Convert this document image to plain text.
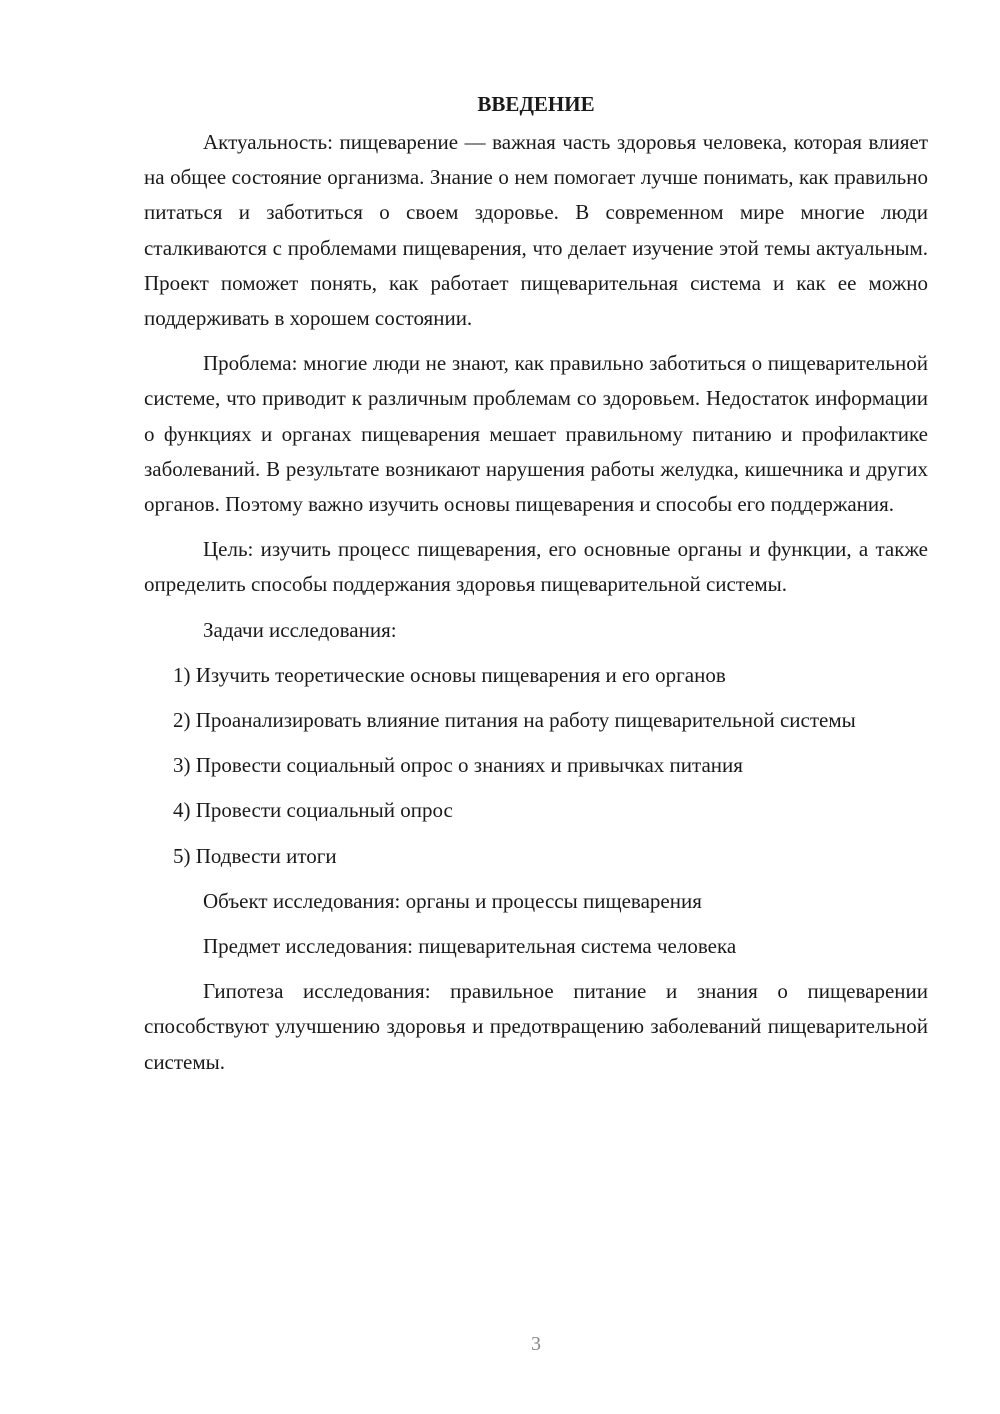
ВВЕДЕНИЕ

Актуальность: пищеварение — важная часть здоровья человека, которая влияет на общее состояние организма. Знание о нем помогает лучше понимать, как правильно питаться и заботиться о своем здоровье. В современном мире многие люди сталкиваются с проблемами пищеварения, что делает изучение этой темы актуальным. Проект поможет понять, как работает пищеварительная система и как ее можно поддерживать в хорошем состоянии.

Проблема: многие люди не знают, как правильно заботиться о пищеварительной системе, что приводит к различным проблемам со здоровьем. Недостаток информации о функциях и органах пищеварения мешает правильному питанию и профилактике заболеваний. В результате возникают нарушения работы желудка, кишечника и других органов. Поэтому важно изучить основы пищеварения и способы его поддержания.

Цель: изучить процесс пищеварения, его основные органы и функции, а также определить способы поддержания здоровья пищеварительной системы.

Задачи исследования:

1) Изучить теоретические основы пищеварения и его органов

2) Проанализировать влияние питания на работу пищеварительной системы

3) Провести социальный опрос о знаниях и привычках питания

4) Провести социальный опрос

5) Подвести итоги

Объект исследования: органы и процессы пищеварения

Предмет исследования: пищеварительная система человека

Гипотеза исследования: правильное питание и знания о пищеварении способствуют улучшению здоровья и предотвращению заболеваний пищеварительной системы.

3
